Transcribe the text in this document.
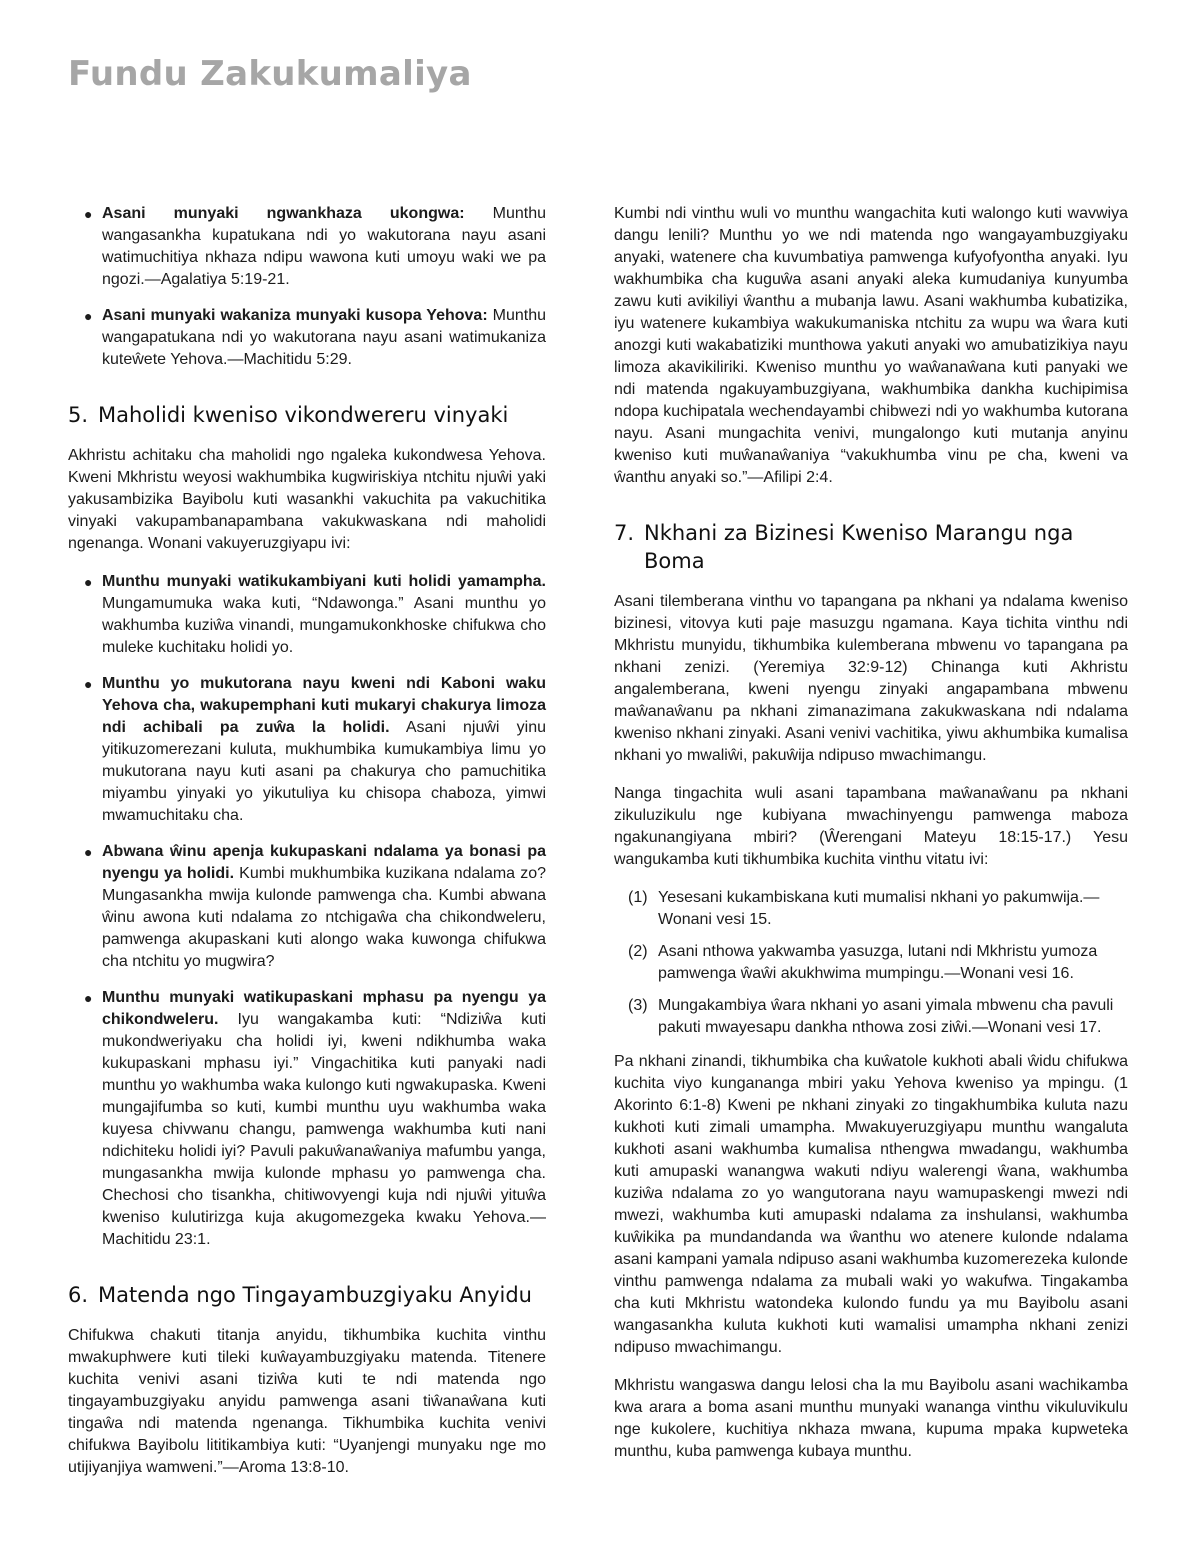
Fundu Zakukumaliya
● Asani munyaki ngwankhaza ukongwa: Munthu wangasankha kupatukana ndi yo wakutorana nayu asani watimuchitiya nkhaza ndipu wawona kuti umoyu waki we pa ngozi.—Agalatiya 5:19-21.
● Asani munyaki wakaniza munyaki kusopa Yehova: Munthu wangapatukana ndi yo wakutorana nayu asani watimukaniza kuteŵete Yehova.—Machitidu 5:29.
5. Maholidi kweniso vikondwereru vinyaki

Akhristu achitaku cha maholidi ngo ngaleka kukondwesa Yehova. Kweni Mkhristu weyosi wakhumbika kugwiriskiya ntchitu njuŵi yaki yakusambizika Bayibolu kuti wasankhi vakuchita pa vakuchitika vinyaki vakupambanapambana vakukwaskana ndi maholidi ngenanga. Wonani vakuyeruzgiyapu ivi:

● Munthu munyaki watikukambiyani kuti holidi yamampha. Mungamumuka waka kuti, “Ndawonga.” Asani munthu yo wakhumba kuziŵa vinandi, mungamukonkhoske chifukwa cho muleke kuchitaku holidi yo.
● Munthu yo mukutorana nayu kweni ndi Kaboni waku Yehova cha, wakupemphani kuti mukaryi chakurya limoza ndi achibali pa zuŵa la holidi. Asani njuŵi yinu yitikuzomerezani kuluta, mukhumbika kumukambiya limu yo mukutorana nayu kuti asani pa chakurya cho pamuchitika miyambu yinyaki yo yikutuliya ku chisopa chaboza, yimwi mwamuchitaku cha.
● Abwana ŵinu apenja kukupaskani ndalama ya bonasi pa nyengu ya holidi. Kumbi mukhumbika kuzikana ndalama zo? Mungasankha mwija kulonde pamwenga cha. Kumbi abwana ŵinu awona kuti ndalama zo ntchigaŵa cha chikondweleru, pamwenga akupaskani kuti alongo waka kuwonga chifukwa cha ntchitu yo mugwira?
● Munthu munyaki watikupaskani mphasu pa nyengu ya chikondweleru. Iyu wangakamba kuti: “Ndiziŵa kuti mukondweriyaku cha holidi iyi, kweni ndikhumba waka kukupaskani mphasu iyi.” Vingachitika kuti panyaki nadi munthu yo wakhumba waka kulongo kuti ngwakupaska. Kweni mungajifumba so kuti, kumbi munthu uyu wakhumba waka kuyesa chivwanu changu, pamwenga wakhumba kuti nani ndichiteku holidi iyi? Pavuli pakuŵanaŵaniya mafumbu yanga, mungasankha mwija kulonde mphasu yo pamwenga cha. Chechosi cho tisankha, chitiwovyengi kuja ndi njuŵi yituŵa kweniso kulutirizga kuja akugomezgeka kwaku Yehova.—Machitidu 23:1.
6. Matenda ngo Tingayambuzgiyaku Anyidu

Chifukwa chakuti titanja anyidu, tikhumbika kuchita vinthu mwakuphwere kuti tileki kuŵayambuzgiyaku matenda. Titenere kuchita venivi asani tiziŵa kuti te ndi matenda ngo tingayambuzgiyaku anyidu pamwenga asani tiŵanaŵana kuti tingaŵa ndi matenda ngenanga. Tikhumbika kuchita venivi chifukwa Bayibolu lititikambiya kuti: “Uyanjengi munyaku nge mo utijiyanjiya wamweni.”—Aroma 13:8-10.

Kumbi ndi vinthu wuli vo munthu wangachita kuti walongo kuti wavwiya dangu lenili? Munthu yo we ndi matenda ngo wangayambuzgiyaku anyaki, watenere cha kuvumbatiya pamwenga kufyofyontha anyaki. Iyu wakhumbika cha kuguŵa asani anyaki aleka kumudaniya kunyumba zawu kuti avikiliyi ŵanthu a mubanja lawu. Asani wakhumba kubatizika, iyu watenere kukambiya wakukumaniska ntchitu za wupu wa ŵara kuti anozgi kuti wakabatiziki munthowa yakuti anyaki wo amubatizikiya nayu limoza akavikiliriki. Kweniso munthu yo waŵanaŵana kuti panyaki we ndi matenda ngakuyambuzgiyana, wakhumbika dankha kuchipimisa ndopa kuchipatala wechendayambi chibwezi ndi yo wakhumba kutorana nayu. Asani mungachita venivi, mungalongo kuti mutanja anyinu kweniso kuti muŵanaŵaniya “vakukhumba vinu pe cha, kweni va ŵanthu anyaki so.”—Afilipi 2:4.

7. Nkhani za Bizinesi Kweniso Marangu nga Boma

Asani tilemberana vinthu vo tapangana pa nkhani ya ndalama kweniso bizinesi, vitovya kuti paje masuzgu ngamana. Kaya tichita vinthu ndi Mkhristu munyidu, tikhumbika kulemberana mbwenu vo tapangana pa nkhani zenizi. (Yeremiya 32:9-12) Chinanga kuti Akhristu angalemberana, kweni nyengu zinyaki angapambana mbwenu maŵanaŵanu pa nkhani zimanazimana zakukwaskana ndi ndalama kweniso nkhani zinyaki. Asani venivi vachitika, yiwu akhumbika kumalisa nkhani yo mwaliŵi, pakuŵija ndipuso mwachimangu.

Nanga tingachita wuli asani tapambana maŵanaŵanu pa nkhani zikuluzikulu nge kubiyana mwachinyengu pamwenga maboza ngakunangiyana mbiri? (Ŵerengani Mateyu 18:15-17.) Yesu wangukamba kuti tikhumbika kuchita vinthu vitatu ivi:

(1) Yesesani kukambiskana kuti mumalisi nkhani yo pakumwija.—Wonani vesi 15.
(2) Asani nthowa yakwamba yasuzga, lutani ndi Mkhristu yumoza pamwenga ŵaŵi akukhwima mumpingu.—Wonani vesi 16.
(3) Mungakambiya ŵara nkhani yo asani yimala mbwenu cha pavuli pakuti mwayesapu dankha nthowa zosi ziŵi.—Wonani vesi 17.

Pa nkhani zinandi, tikhumbika cha kuŵatole kukhoti abali ŵidu chifukwa kuchita viyo kungananga mbiri yaku Yehova kweniso ya mpingu. (1 Akorinto 6:1-8) Kweni pe nkhani zinyaki zo tingakhumbika kuluta nazu kukhoti kuti zimali umampha. Mwakuyeruzgiyapu munthu wangaluta kukhoti asani wakhumba kumalisa nthengwa mwadangu, wakhumba kuti amupaski wanangwa wakuti ndiyu walerengi ŵana, wakhumba kuziŵa ndalama zo yo wangutorana nayu wamupaskengi mwezi ndi mwezi, wakhumba kuti amupaski ndalama za inshulansi, wakhumba kuŵikika pa mundandanda wa ŵanthu wo atenere kulonde ndalama asani kampani yamala ndipuso asani wakhumba kuzomerezeka kulonde vinthu pamwenga ndalama za mubali waki yo wakufwa. Tingakamba cha kuti Mkhristu watondeka kulondo fundu ya mu Bayibolu asani wangasankha kuluta kukhoti kuti wamalisi umampha nkhani zenizi ndipuso mwachimangu.

Mkhristu wangaswa dangu lelosi cha la mu Bayibolu asani wachikamba kwa arara a boma asani munthu munyaki wananga vinthu vikuluvikulu nge kukolere, kuchitiya nkhaza mwana, kupuma mpaka kupweteka munthu, kuba pamwenga kubaya munthu.
